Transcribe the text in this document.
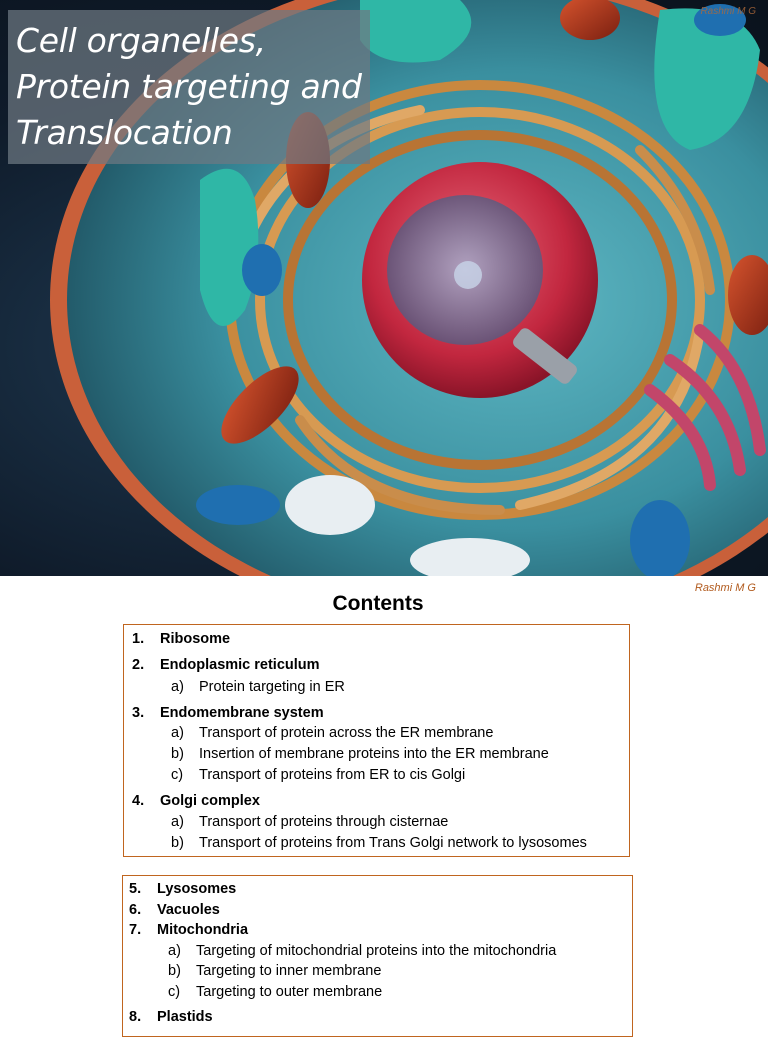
Cell organelles,
Protein targeting and
Translocation
Rashmi M G
Rashmi M G
Contents
1. Ribosome
2. Endoplasmic reticulum
a) Protein targeting in ER
3. Endomembrane system
a) Transport of protein across the ER membrane
b) Insertion of membrane proteins into the ER membrane
c) Transport of proteins from ER to cis Golgi
4. Golgi complex
a) Transport of proteins through cisternae
b) Transport of proteins from Trans Golgi network to lysosomes
5. Lysosomes
6. Vacuoles
7. Mitochondria
a) Targeting of mitochondrial proteins into the mitochondria
b) Targeting to inner membrane
c) Targeting to outer membrane
8. Plastids
